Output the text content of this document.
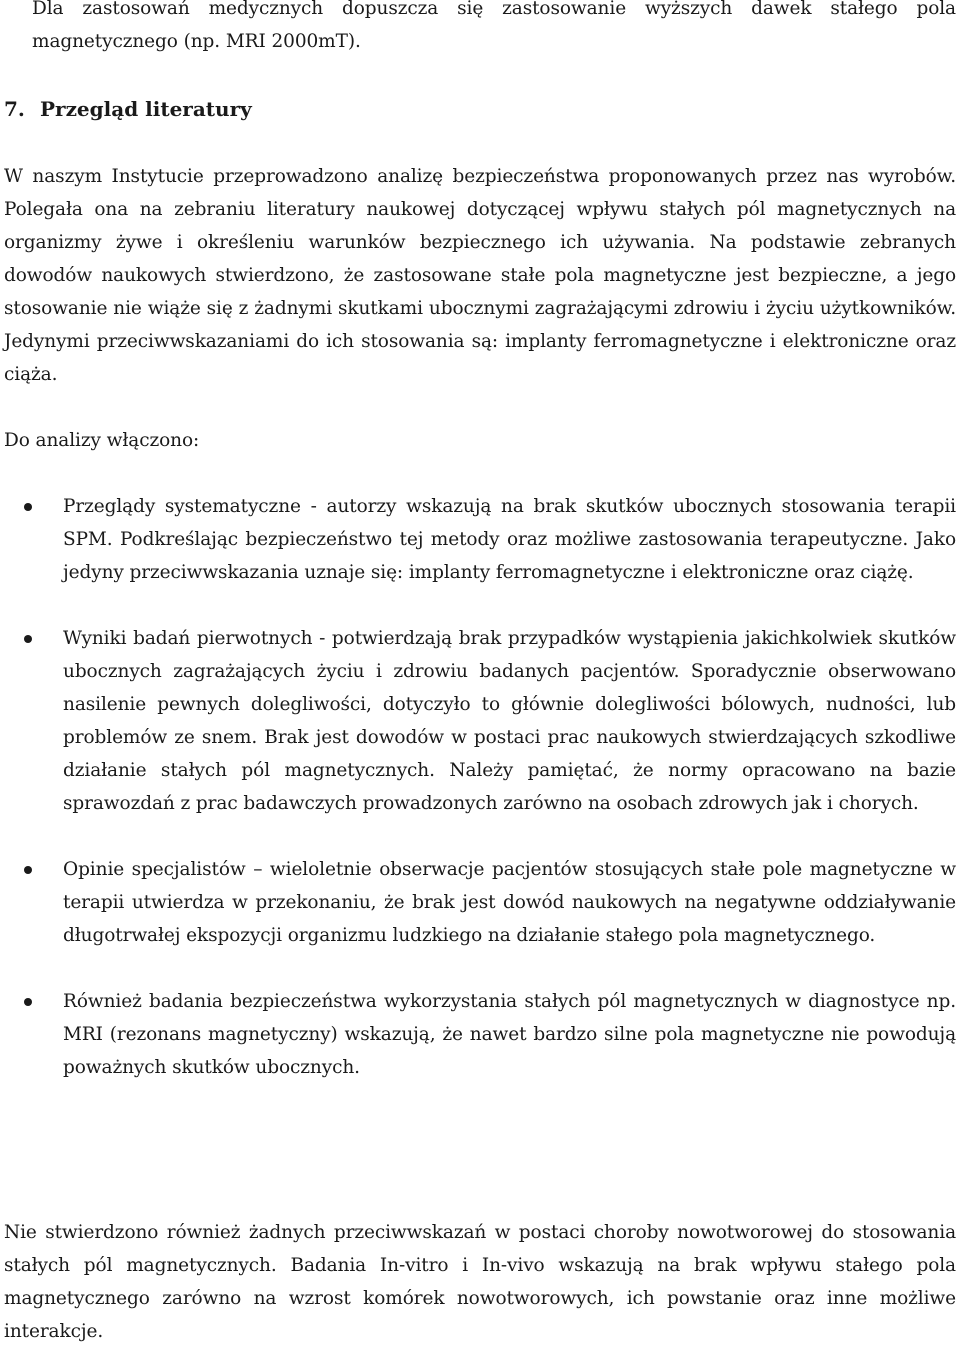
Dla zastosowań medycznych dopuszcza się zastosowanie wyższych dawek stałego pola magnetycznego (np. MRI 2000mT).

7. Przegląd literatury

W naszym Instytucie przeprowadzono analizę bezpieczeństwa proponowanych przez nas wyrobów. Polegała ona na zebraniu literatury naukowej dotyczącej wpływu stałych pól magnetycznych na organizmy żywe i określeniu warunków bezpiecznego ich używania. Na podstawie zebranych dowodów naukowych stwierdzono, że zastosowane stałe pola magnetyczne jest bezpieczne, a jego stosowanie nie wiąże się z żadnymi skutkami ubocznymi zagrażającymi zdrowiu i życiu użytkowników. Jedynymi przeciwwskazaniami do ich stosowania są: implanty ferromagnetyczne i elektroniczne oraz ciąża.

Do analizy włączono:

Przeglądy systematyczne - autorzy wskazują na brak skutków ubocznych stosowania terapii SPM. Podkreślając bezpieczeństwo tej metody oraz możliwe zastosowania terapeutyczne. Jako jedyny przeciwwskazania uznaje się: implanty ferromagnetyczne i elektroniczne oraz ciążę.
Wyniki badań pierwotnych - potwierdzają brak przypadków wystąpienia jakichkolwiek skutków ubocznych zagrażających życiu i zdrowiu badanych pacjentów. Sporadycznie obserwowano nasilenie pewnych dolegliwości, dotyczyło to głównie dolegliwości bólowych, nudności, lub problemów ze snem. Brak jest dowodów w postaci prac naukowych stwierdzających szkodliwe działanie stałych pól magnetycznych. Należy pamiętać, że normy opracowano na bazie sprawozdań z prac badawczych prowadzonych zarówno na osobach zdrowych jak i chorych.
Opinie specjalistów – wieloletnie obserwacje pacjentów stosujących stałe pole magnetyczne w terapii utwierdza w przekonaniu, że brak jest dowód naukowych na negatywne oddziaływanie długotrwałej ekspozycji organizmu ludzkiego na działanie stałego pola magnetycznego.
Również badania bezpieczeństwa wykorzystania stałych pól magnetycznych w diagnostyce np. MRI (rezonans magnetyczny) wskazują, że nawet bardzo silne pola magnetyczne nie powodują poważnych skutków ubocznych.

Nie stwierdzono również żadnych przeciwwskazań w postaci choroby nowotworowej do stosowania stałych pól magnetycznych. Badania In-vitro i In-vivo wskazują na brak wpływu stałego pola magnetycznego zarówno na wzrost komórek nowotworowych, ich powstanie oraz inne możliwe interakcje.
